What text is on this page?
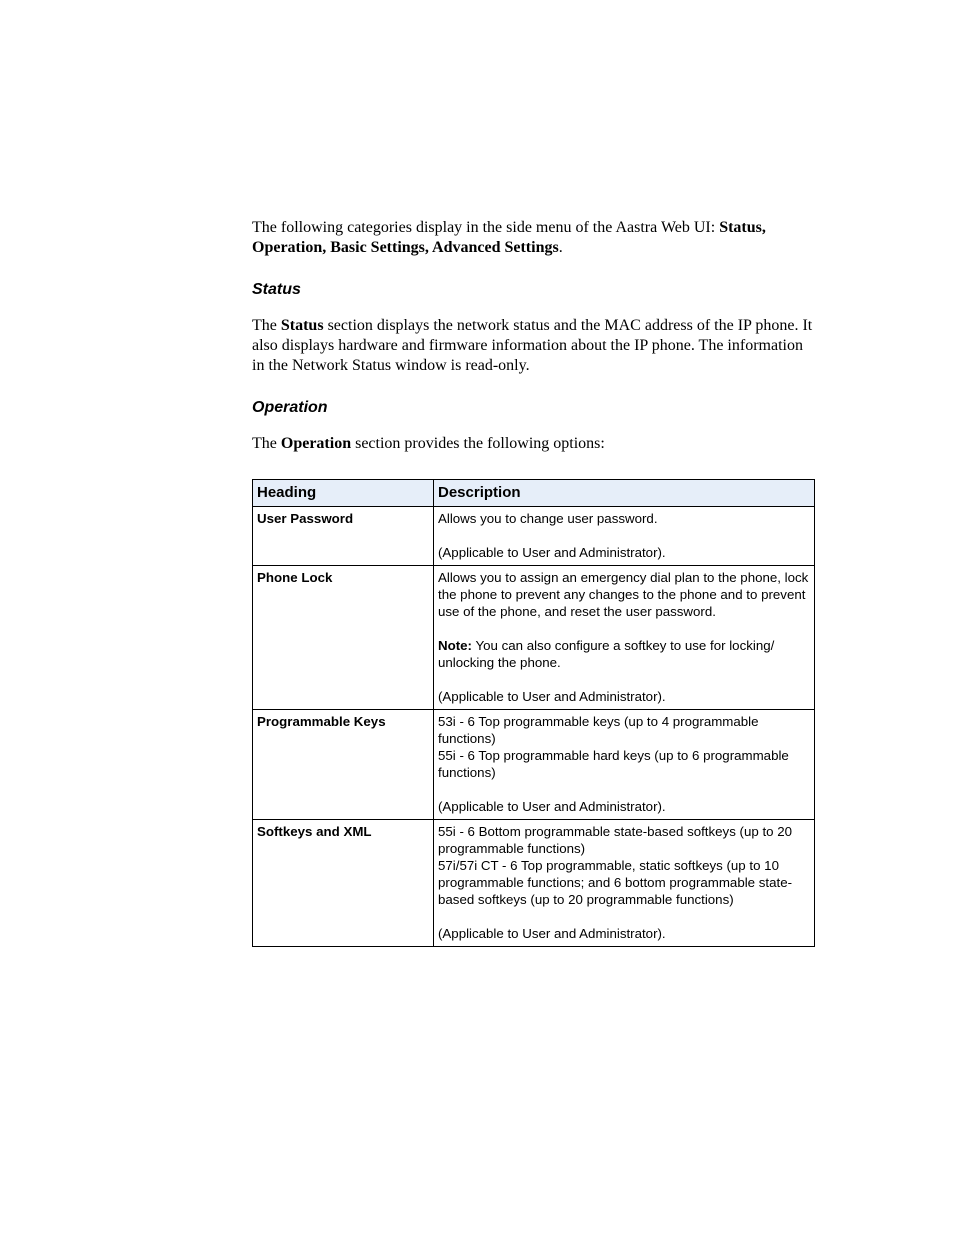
The following categories display in the side menu of the Aastra Web UI: Status, Operation, Basic Settings, Advanced Settings.

Status

The Status section displays the network status and the MAC address of the IP phone. It also displays hardware and firmware information about the IP phone. The information in the Network Status window is read-only.

Operation

The Operation section provides the following options:

Heading	Description
User Password	Allows you to change user password.
(Applicable to User and Administrator).

Phone Lock	Allows you to assign an emergency dial plan to the phone, lock the phone to prevent any changes to the phone and to prevent use of the phone, and reset the user password.
Note: You can also configure a softkey to use for locking/ unlocking the phone.
(Applicable to User and Administrator).

Programmable Keys	53i - 6 Top programmable keys (up to 4 programmable functions)
55i - 6 Top programmable hard keys (up to 6 programmable functions)
(Applicable to User and Administrator).

Softkeys and XML	55i - 6 Bottom programmable state-based softkeys (up to 20 programmable functions)
57i/57i CT - 6 Top programmable, static softkeys (up to 10 programmable functions; and 6 bottom programmable state-based softkeys (up to 20 programmable functions)
(Applicable to User and Administrator).
